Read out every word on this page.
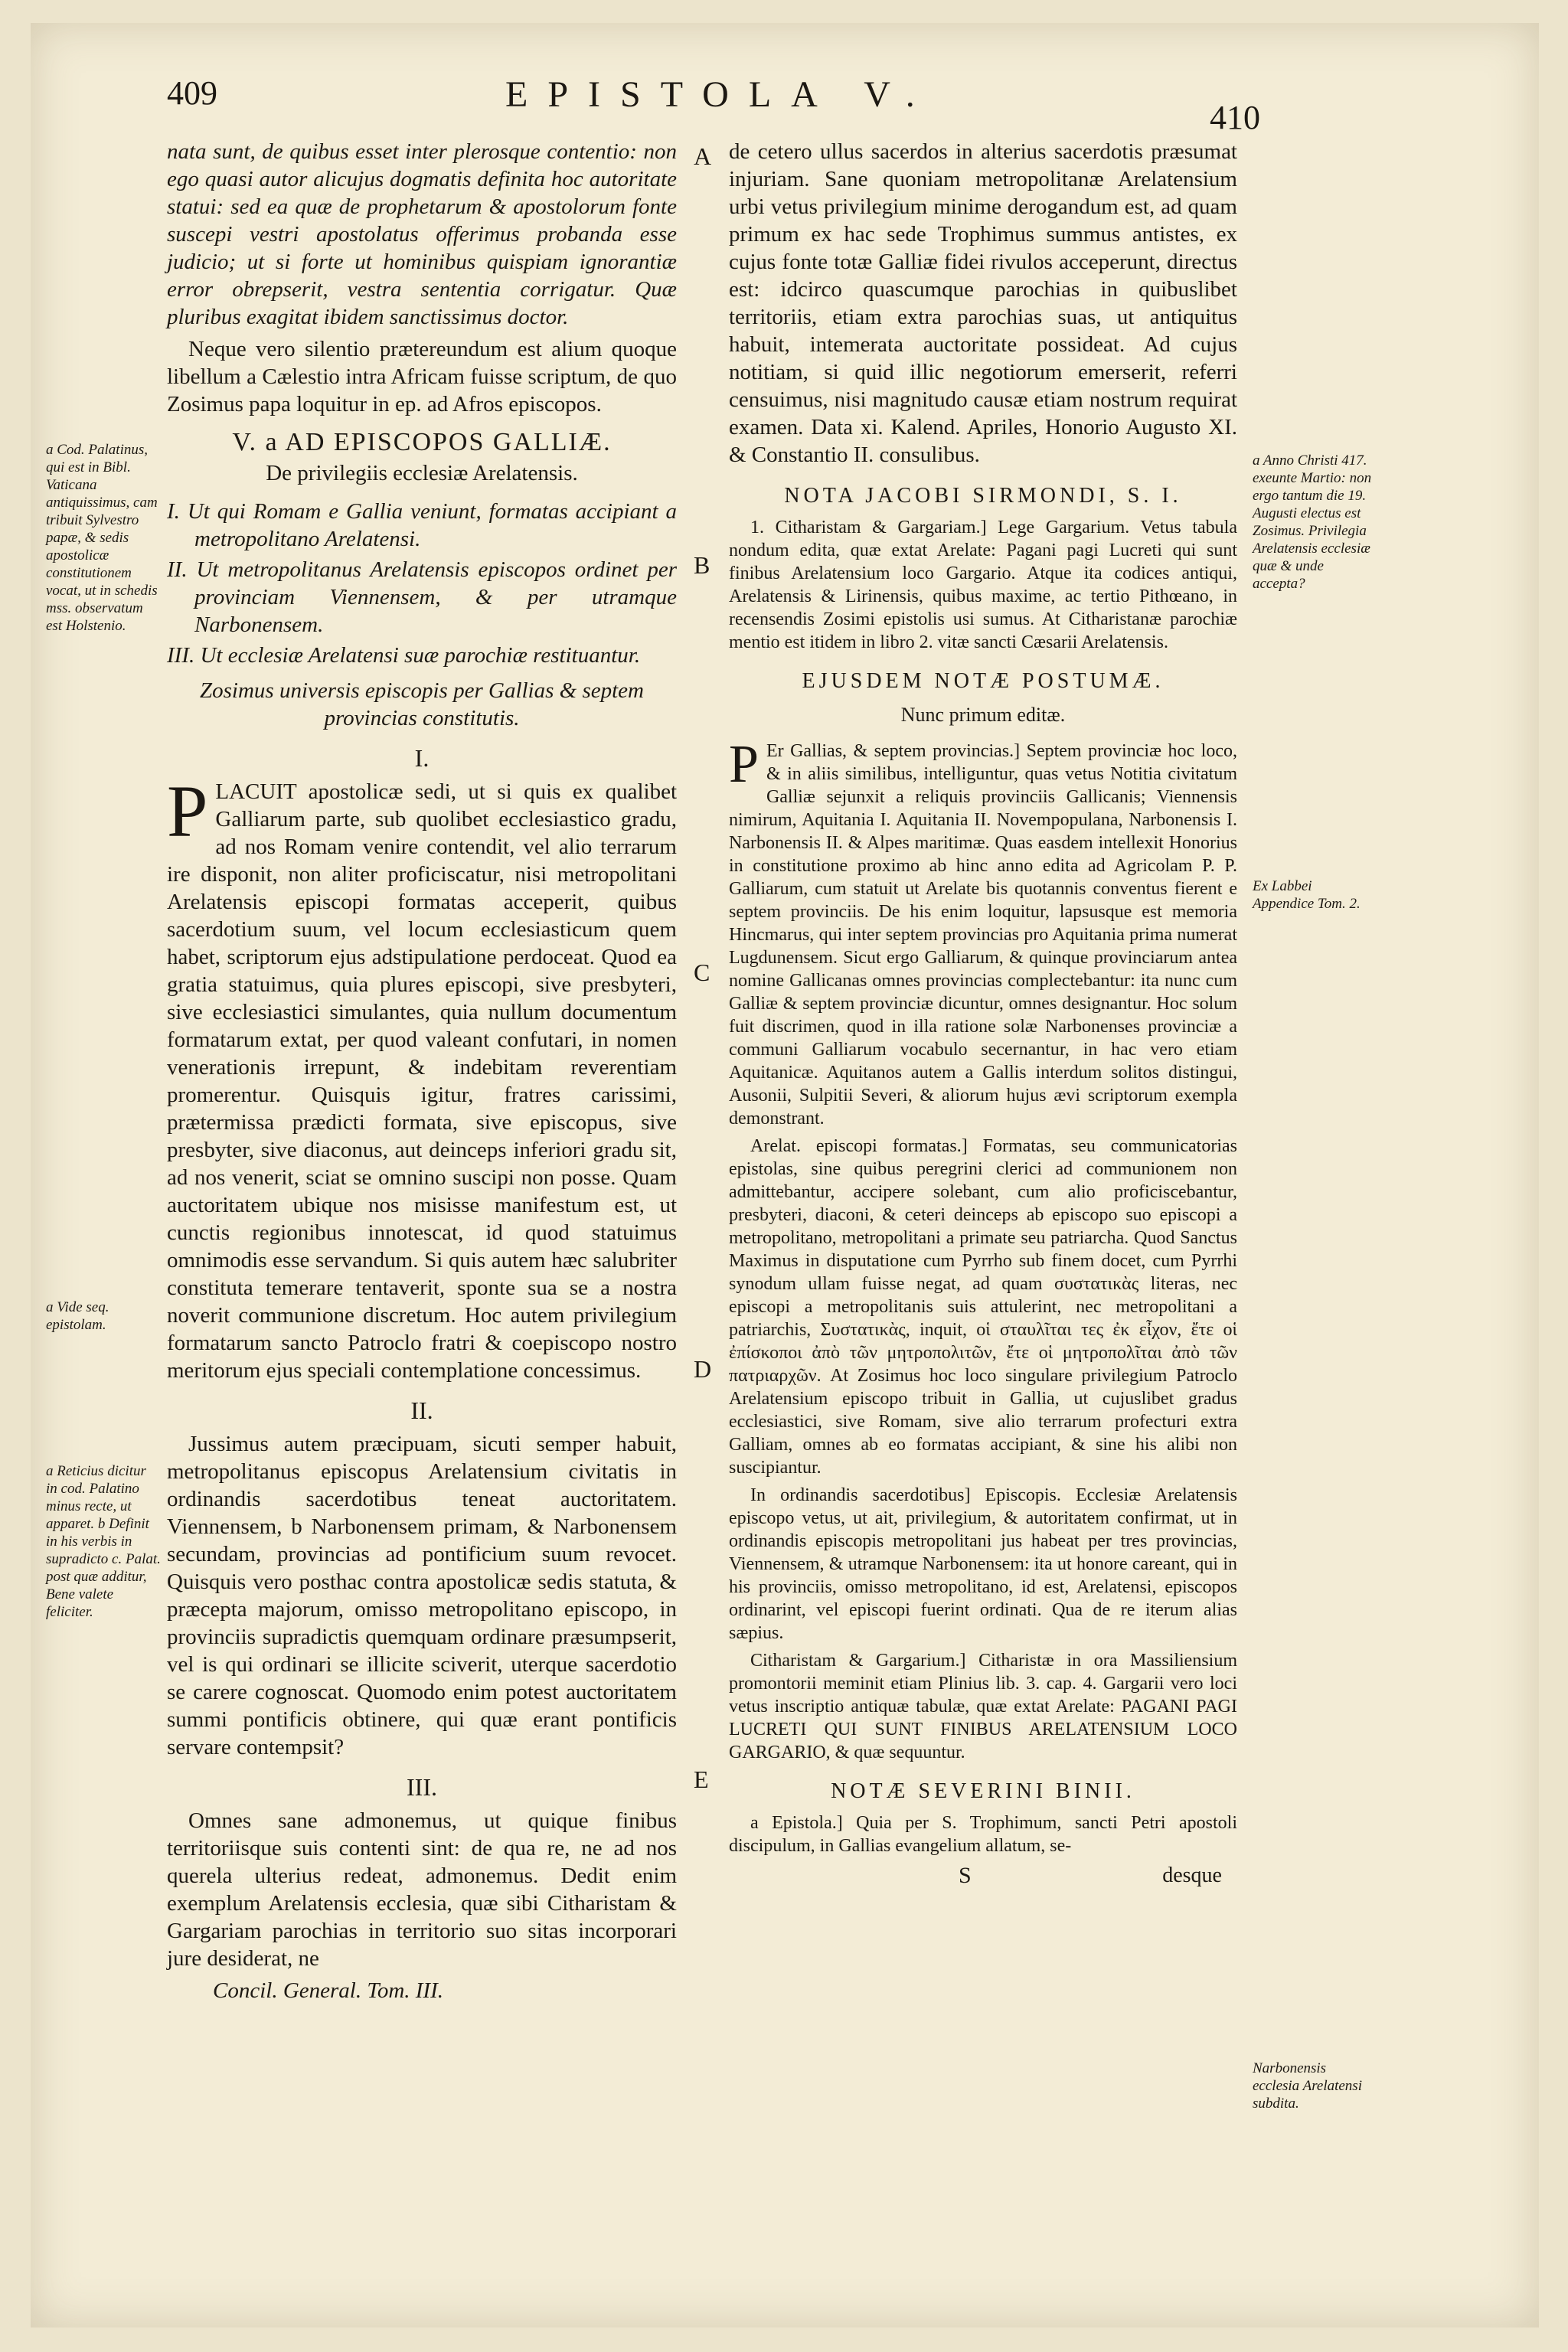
409	EPISTOLA V.
410
A
B
C
D
E
a Cod. Palatinus, qui est in Bibl. Vaticana antiquissimus, cam tribuit Sylvestro papæ, & sedis apostolicæ constitutionem vocat, ut in schedis mss. observatum est Holstenio.
a Vide seq. epistolam.
a Reticius dicitur in cod. Palatino minus recte, ut apparet. b Definit in his verbis in supradicto c. Palat. post quæ additur, Bene valete feliciter.
a Anno Christi 417. exeunte Martio: non ergo tantum die 19. Augusti electus est Zosimus. Privilegia Arelatensis ecclesiæ quæ & unde accepta?
Ex Labbei Appendice Tom. 2.
Narbonensis ecclesia Arelatensi subdita.

nata sunt, de quibus esset inter plerosque contentio: non ego quasi autor alicujus dogmatis definita hoc autoritate statui: sed ea quæ de prophetarum & apostolorum fonte suscepi vestri apostolatus offerimus probanda esse judicio; ut si forte ut hominibus quispiam ignorantiæ error obrepserit, vestra sententia corrigatur. Quæ pluribus exagitat ibidem sanctissimus doctor.

Neque vero silentio prætereundum est alium quoque libellum a Cælestio intra Africam fuisse scriptum, de quo Zosimus papa loquitur in ep. ad Afros episcopos.

V. a AD EPISCOPOS GALLIÆ.
De privilegiis ecclesiæ Arelatensis.
I. Ut qui Romam e Gallia veniunt, formatas accipiant a metropolitano Arelatensi.
II. Ut metropolitanus Arelatensis episcopos ordinet per provinciam Viennensem, & per utramque Narbonensem.
III. Ut ecclesiæ Arelatensi suæ parochiæ restituantur.
Zosimus universis episcopis per Gallias & septem provincias constitutis.
I.

P LACUIT apostolicæ sedi, ut si quis ex qualibet Galliarum parte, sub quolibet ecclesiastico gradu, ad nos Romam venire contendit, vel alio terrarum ire disponit, non aliter proficiscatur, nisi metropolitani Arelatensis episcopi formatas acceperit, quibus sacerdotium suum, vel locum ecclesiasticum quem habet, scriptorum ejus adstipulatione perdoceat. Quod ea gratia statuimus, quia plures episcopi, sive presbyteri, sive ecclesiastici simulantes, quia nullum documentum formatarum extat, per quod valeant confutari, in nomen venerationis irrepunt, & indebitam reverentiam promerentur. Quisquis igitur, fratres carissimi, prætermissa prædicti formata, sive episcopus, sive presbyter, sive diaconus, aut deinceps inferiori gradu sit, ad nos venerit, sciat se omnino suscipi non posse. Quam auctoritatem ubique nos misisse manifestum est, ut cunctis regionibus innotescat, id quod statuimus omnimodis esse servandum. Si quis autem hæc salubriter constituta temerare tentaverit, sponte sua se a nostra noverit communione discretum. Hoc autem privilegium formatarum sancto Patroclo fratri & coepiscopo nostro meritorum ejus speciali contemplatione concessimus.

II.

Jussimus autem præcipuam, sicuti semper habuit, metropolitanus episcopus Arelatensium civitatis in ordinandis sacerdotibus teneat auctoritatem. Viennensem, b Narbonensem primam, & Narbonensem secundam, provincias ad pontificium suum revocet. Quisquis vero posthac contra apostolicæ sedis statuta, & præcepta majorum, omisso metropolitano episcopo, in provinciis supradictis quemquam ordinare præsumpserit, vel is qui ordinari se illicite sciverit, uterque sacerdotio se carere cognoscat. Quomodo enim potest auctoritatem summi pontificis obtinere, qui quæ erant pontificis servare contempsit?

III.

Omnes sane admonemus, ut quique finibus territoriisque suis contenti sint: de qua re, ne ad nos querela ulterius redeat, admonemus. Dedit enim exemplum Arelatensis ecclesia, quæ sibi Citharistam & Gargariam parochias in territorio suo sitas incorporari jure desiderat, ne

Concil. General. Tom. III.

de cetero ullus sacerdos in alterius sacerdotis præsumat injuriam. Sane quoniam metropolitanæ Arelatensium urbi vetus privilegium minime derogandum est, ad quam primum ex hac sede Trophimus summus antistes, ex cujus fonte totæ Galliæ fidei rivulos acceperunt, directus est: idcirco quascumque parochias in quibuslibet territoriis, etiam extra parochias suas, ut antiquitus habuit, intemerata auctoritate possideat. Ad cujus notitiam, si quid illic negotiorum emerserit, referri censuimus, nisi magnitudo causæ etiam nostrum requirat examen. Data xi. Kalend. Apriles, Honorio Augusto XI. & Constantio II. consulibus.

NOTA JACOBI SIRMONDI, S. I.

1. Citharistam & Gargariam.] Lege Gargarium. Vetus tabula nondum edita, quæ extat Arelate: Pagani pagi Lucreti qui sunt finibus Arelatensium loco Gargario. Atque ita codices antiqui, Arelatensis & Lirinensis, quibus maxime, ac tertio Pithœano, in recensendis Zosimi epistolis usi sumus. At Citharistanæ parochiæ mentio est itidem in libro 2. vitæ sancti Cæsarii Arelatensis.

EJUSDEM NOTÆ POSTUMÆ.
Nunc primum editæ.

P Er Gallias, & septem provincias.] Septem provinciæ hoc loco, & in aliis similibus, intelliguntur, quas vetus Notitia civitatum Galliæ sejunxit a reliquis provinciis Gallicanis; Viennensis nimirum, Aquitania I. Aquitania II. Novempopulana, Narbonensis I. Narbonensis II. & Alpes maritimæ. Quas easdem intellexit Honorius in constitutione proximo ab hinc anno edita ad Agricolam P. P. Galliarum, cum statuit ut Arelate bis quotannis conventus fierent e septem provinciis. De his enim loquitur, lapsusque est memoria Hincmarus, qui inter septem provincias pro Aquitania prima numerat Lugdunensem. Sicut ergo Galliarum, & quinque provinciarum antea nomine Gallicanas omnes provincias complectebantur: ita nunc cum Galliæ & septem provinciæ dicuntur, omnes designantur. Hoc solum fuit discrimen, quod in illa ratione solæ Narbonenses provinciæ a communi Galliarum vocabulo secernantur, in hac vero etiam Aquitanicæ. Aquitanos autem a Gallis interdum solitos distingui, Ausonii, Sulpitii Severi, & aliorum hujus ævi scriptorum exempla demonstrant.

Arelat. episcopi formatas.] Formatas, seu communicatorias epistolas, sine quibus peregrini clerici ad communionem non admittebantur, accipere solebant, cum alio proficiscebantur, presbyteri, diaconi, & ceteri deinceps ab episcopo suo episcopi a metropolitano, metropolitani a primate seu patriarcha. Quod Sanctus Maximus in disputatione cum Pyrrho sub finem docet, cum Pyrrhi synodum ullam fuisse negat, ad quam συστατικὰς literas, nec episcopi a metropolitanis suis attulerint, nec metropolitani a patriarchis, Συστατικὰς, inquit, οἱ σταυλῖται τες ἐκ εἶχον, ἔτε οἱ ἐπίσκοποι ἀπὸ τῶν μητροπολιτῶν, ἔτε οἱ μητροπολῖται ἀπὸ τῶν πατριαρχῶν. At Zosimus hoc loco singulare privilegium Patroclo Arelatensium episcopo tribuit in Gallia, ut cujuslibet gradus ecclesiastici, sive Romam, sive alio terrarum profecturi extra Galliam, omnes ab eo formatas accipiant, & sine his alibi non suscipiantur.

In ordinandis sacerdotibus] Episcopis. Ecclesiæ Arelatensis episcopo vetus, ut ait, privilegium, & autoritatem confirmat, ut in ordinandis episcopis metropolitani jus habeat per tres provincias, Viennensem, & utramque Narbonensem: ita ut honore careant, qui in his provinciis, omisso metropolitano, id est, Arelatensi, episcopos ordinarint, vel episcopi fuerint ordinati. Qua de re iterum alias sæpius.

Citharistam & Gargarium.] Citharistæ in ora Massiliensium promontorii meminit etiam Plinius lib. 3. cap. 4. Gargarii vero loci vetus inscriptio antiquæ tabulæ, quæ extat Arelate: PAGANI PAGI LUCRETI QUI SUNT FINIBUS ARELATENSIUM LOCO GARGARIO, & quæ sequuntur.

NOTÆ SEVERINI BINII.

a Epistola.] Quia per S. Trophimum, sancti Petri apostoli discipulum, in Gallias evangelium allatum, se-

S	desque
